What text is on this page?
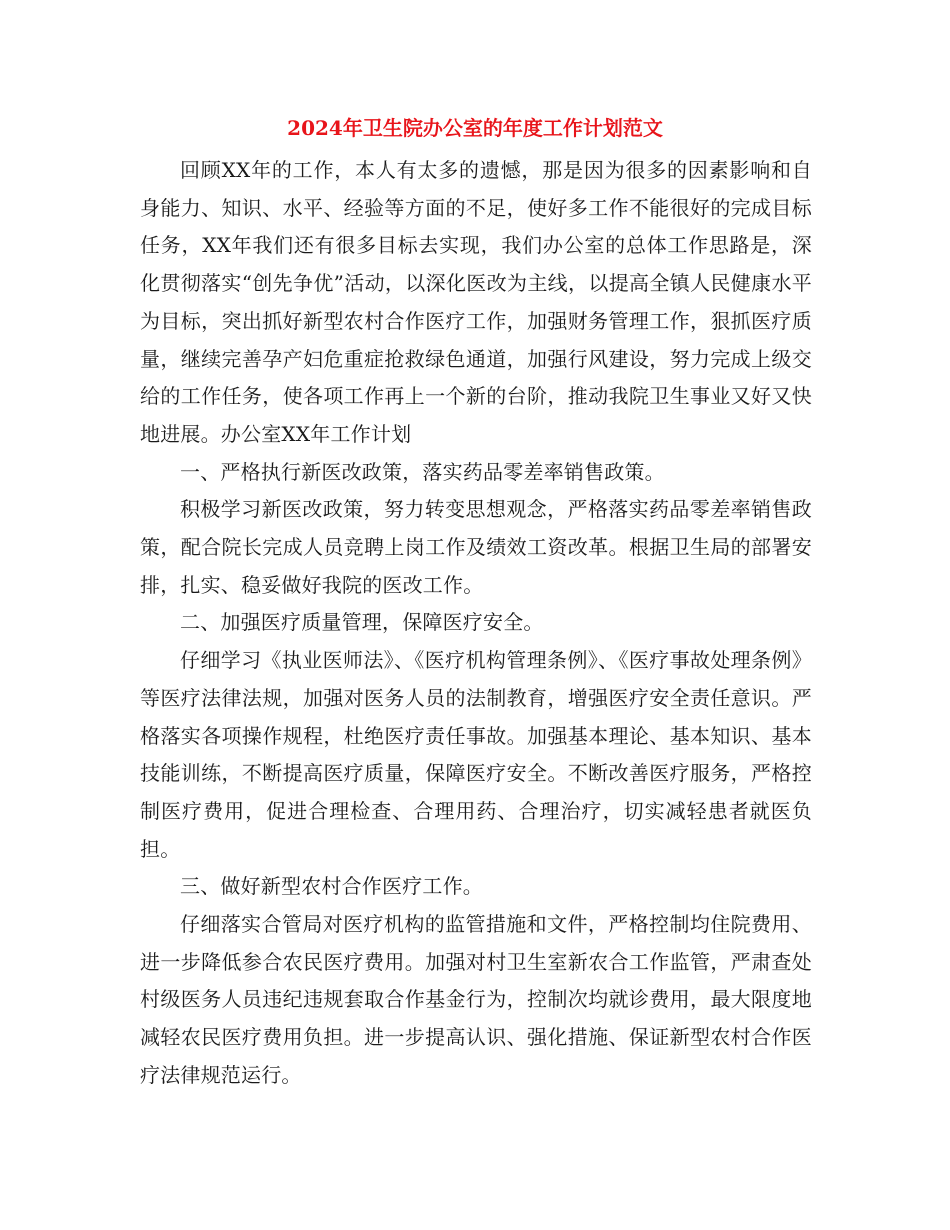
2024年卫生院办公室的年度工作计划范文

回顾XX年的工作，本人有太多的遗憾，那是因为很多的因素影响和自身能力、知识、水平、经验等方面的不足，使好多工作不能很好的完成目标任务，XX年我们还有很多目标去实现，我们办公室的总体工作思路是，深化贯彻落实“创先争优”活动，以深化医改为主线，以提高全镇人民健康水平为目标，突出抓好新型农村合作医疗工作，加强财务管理工作，狠抓医疗质量，继续完善孕产妇危重症抢救绿色通道，加强行风建设，努力完成上级交给的工作任务，使各项工作再上一个新的台阶，推动我院卫生事业又好又快地进展。办公室XX年工作计划

一、严格执行新医改政策，落实药品零差率销售政策。

积极学习新医改政策，努力转变思想观念，严格落实药品零差率销售政策，配合院长完成人员竞聘上岗工作及绩效工资改革。根据卫生局的部署安排，扎实、稳妥做好我院的医改工作。

二、加强医疗质量管理，保障医疗安全。

仔细学习《执业医师法》、《医疗机构管理条例》、《医疗事故处理条例》等医疗法律法规，加强对医务人员的法制教育，增强医疗安全责任意识。严格落实各项操作规程，杜绝医疗责任事故。加强基本理论、基本知识、基本技能训练，不断提高医疗质量，保障医疗安全。不断改善医疗服务，严格控制医疗费用，促进合理检查、合理用药、合理治疗，切实减轻患者就医负担。

三、做好新型农村合作医疗工作。

仔细落实合管局对医疗机构的监管措施和文件，严格控制均住院费用、进一步降低参合农民医疗费用。加强对村卫生室新农合工作监管，严肃查处村级医务人员违纪违规套取合作基金行为，控制次均就诊费用，最大限度地减轻农民医疗费用负担。进一步提高认识、强化措施、保证新型农村合作医疗法律规范运行。
